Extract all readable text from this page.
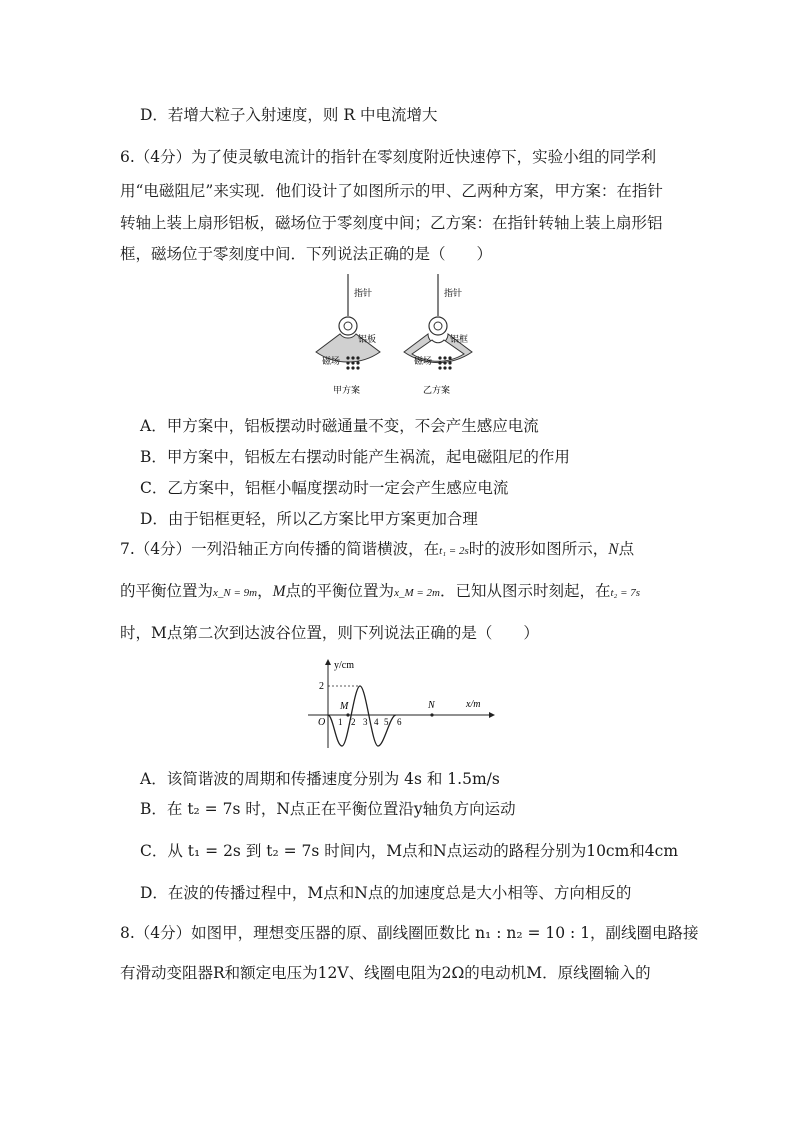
D．若增大粒子入射速度，则 R 中电流增大
6.（4分）为了使灵敏电流计的指针在零刻度附近快速停下，实验小组的同学利
用“电磁阻尼”来实现．他们设计了如图所示的甲、乙两种方案，甲方案：在指针
转轴上装上扇形铝板，磁场位于零刻度中间；乙方案：在指针转轴上装上扇形铝
框，磁场位于零刻度中间．下列说法正确的是（　　）
指针
铝板
磁场
甲方案
指针
铝框
磁场
乙方案
A．甲方案中，铝板摆动时磁通量不变，不会产生感应电流
B．甲方案中，铝板左右摆动时能产生祸流，起电磁阻尼的作用
C．乙方案中，铝框小幅度摆动时一定会产生感应电流
D．由于铝框更轻，所以乙方案比甲方案更加合理
7.（4分）一列沿轴正方向传播的简谐横波，在t₁ = 2s时的波形如图所示，N点
的平衡位置为x_N = 9m，M点的平衡位置为x_M = 2m．已知从图示时刻起，在t₂ = 7s
时，M点第二次到达波谷位置，则下列说法正确的是（　　）
y/cm
x/m
O
2
1 2 3 4 5 6
M	N
A．该简谐波的周期和传播速度分别为 4s 和 1.5m/s
B．在 t₂ = 7s 时，N点正在平衡位置沿y轴负方向运动
C．从 t₁ = 2s 到 t₂ = 7s 时间内，M点和N点运动的路程分别为10cm和4cm
D．在波的传播过程中，M点和N点的加速度总是大小相等、方向相反的
8.（4分）如图甲，理想变压器的原、副线圈匝数比 n₁ : n₂ = 10 : 1，副线圈电路接
有滑动变阻器R和额定电压为12V、线圈电阻为2Ω的电动机M．原线圈输入的
